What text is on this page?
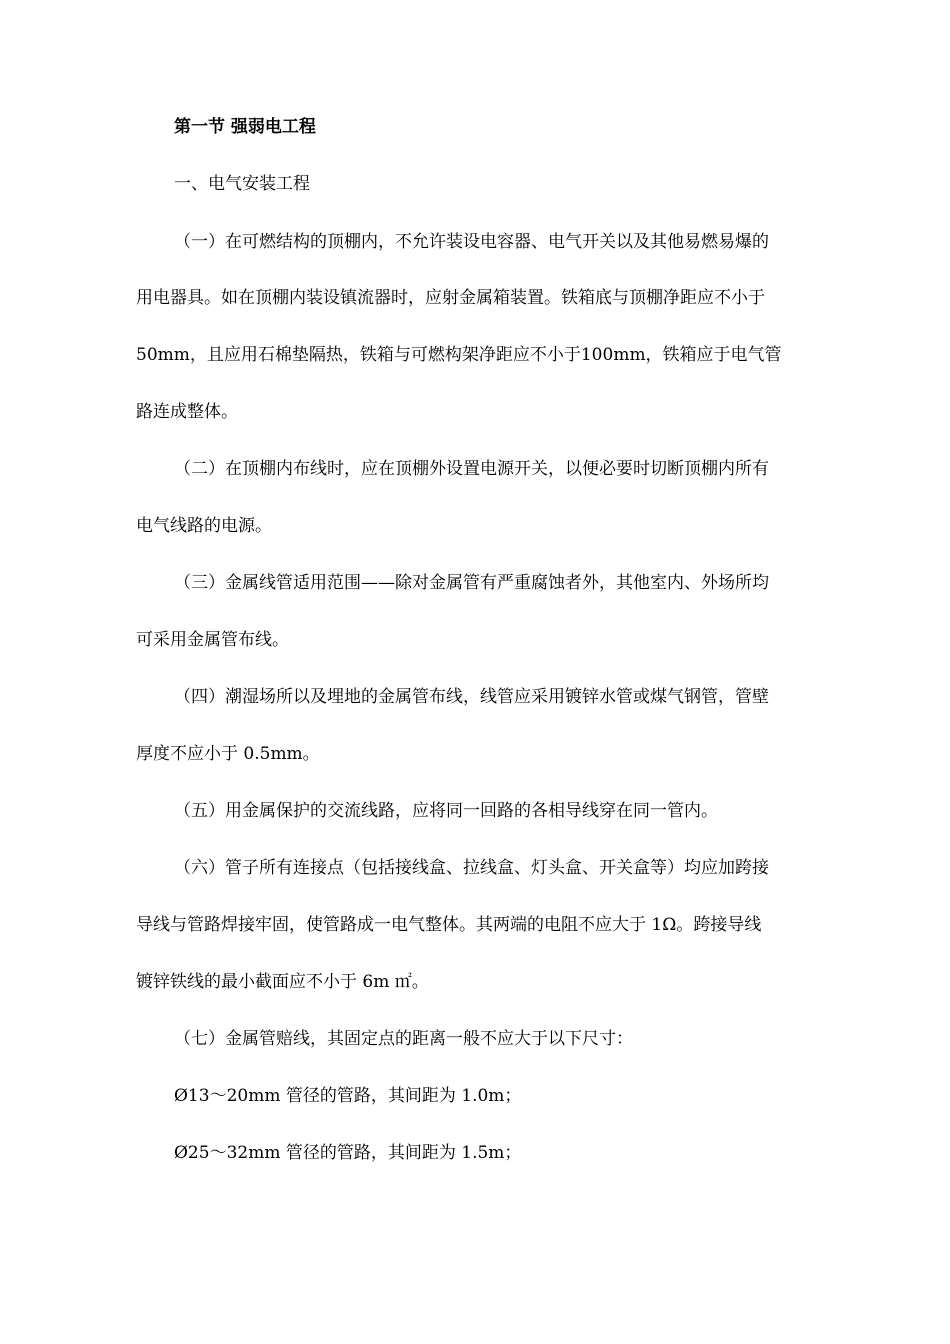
第一节 强弱电工程
一、电气安装工程
（一）在可燃结构的顶棚内，不允许装设电容器、电气开关以及其他易燃易爆的
用电器具。如在顶棚内装设镇流器时，应射金属箱装置。铁箱底与顶棚净距应不小于
50mm，且应用石棉垫隔热，铁箱与可燃构架净距应不小于100mm，铁箱应于电气管
路连成整体。
（二）在顶棚内布线时，应在顶棚外设置电源开关，以便必要时切断顶棚内所有
电气线路的电源。
（三）金属线管适用范围——除对金属管有严重腐蚀者外，其他室内、外场所均
可采用金属管布线。
（四）潮湿场所以及埋地的金属管布线，线管应采用镀锌水管或煤气钢管，管壁
厚度不应小于 0.5mm。
（五）用金属保护的交流线路，应将同一回路的各相导线穿在同一管内。
（六）管子所有连接点（包括接线盒、拉线盒、灯头盒、开关盒等）均应加跨接
导线与管路焊接牢固，使管路成一电气整体。其两端的电阻不应大于 1Ω。跨接导线
镀锌铁线的最小截面应不小于 6m ㎡。
（七）金属管赔线，其固定点的距离一般不应大于以下尺寸：
Ø13～20mm 管径的管路，其间距为 1.0m；
Ø25～32mm 管径的管路，其间距为 1.5m；
